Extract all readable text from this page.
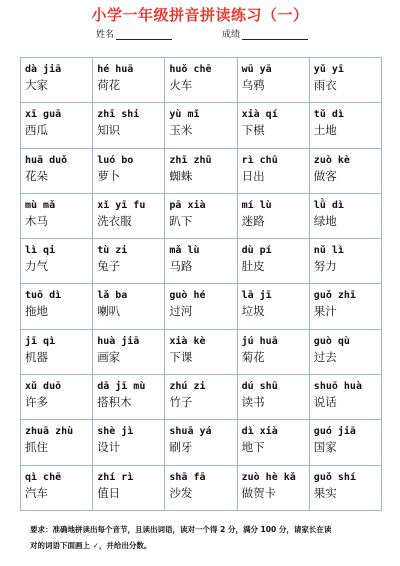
小学一年级拼音拼读练习（一）
姓名	成绩
dà jiā
大家
hé huā
荷花
huǒ chē
火车
wū yā
乌鸦
yǔ yī
雨衣
xī guā
西瓜
zhī shi
知识
yù mǐ
玉米
xià qí
下棋
tǔ dì
土地
huā duǒ
花朵
luó bo
萝卜
zhī zhū
蜘蛛
rì chū
日出
zuò kè
做客
mù mǎ
木马
xǐ yī fu
洗衣服
pā xià
趴下
mí lù
迷路
lǜ dì
绿地
lì qi
力气
tù zi
兔子
mǎ lù
马路
dù pí
肚皮
nǔ lì
努力
tuō dì
拖地
lǎ ba
喇叭
guò hé
过河
lā jī
垃圾
guǒ zhī
果汁
jī qì
机器
huà jiā
画家
xià kè
下课
jú huā
菊花
guò qù
过去
xǔ duō
许多
dā jī mù
搭积木
zhú zi
竹子
dú shū
读书
shuō huà
说话
zhuā zhù
抓住
shè jì
设计
shuā yá
刷牙
dì xià
地下
guó jiā
国家
qì chē
汽车
zhí rì
值日
shā fā
沙发
zuò hè kǎ
做贺卡
guǒ shí
果实
要求：准确地拼读出每个音节，且读出词语，读对一个得 2 分，满分 100 分，请家长在读
对的词语下面画上 ✓，并给出分数。
